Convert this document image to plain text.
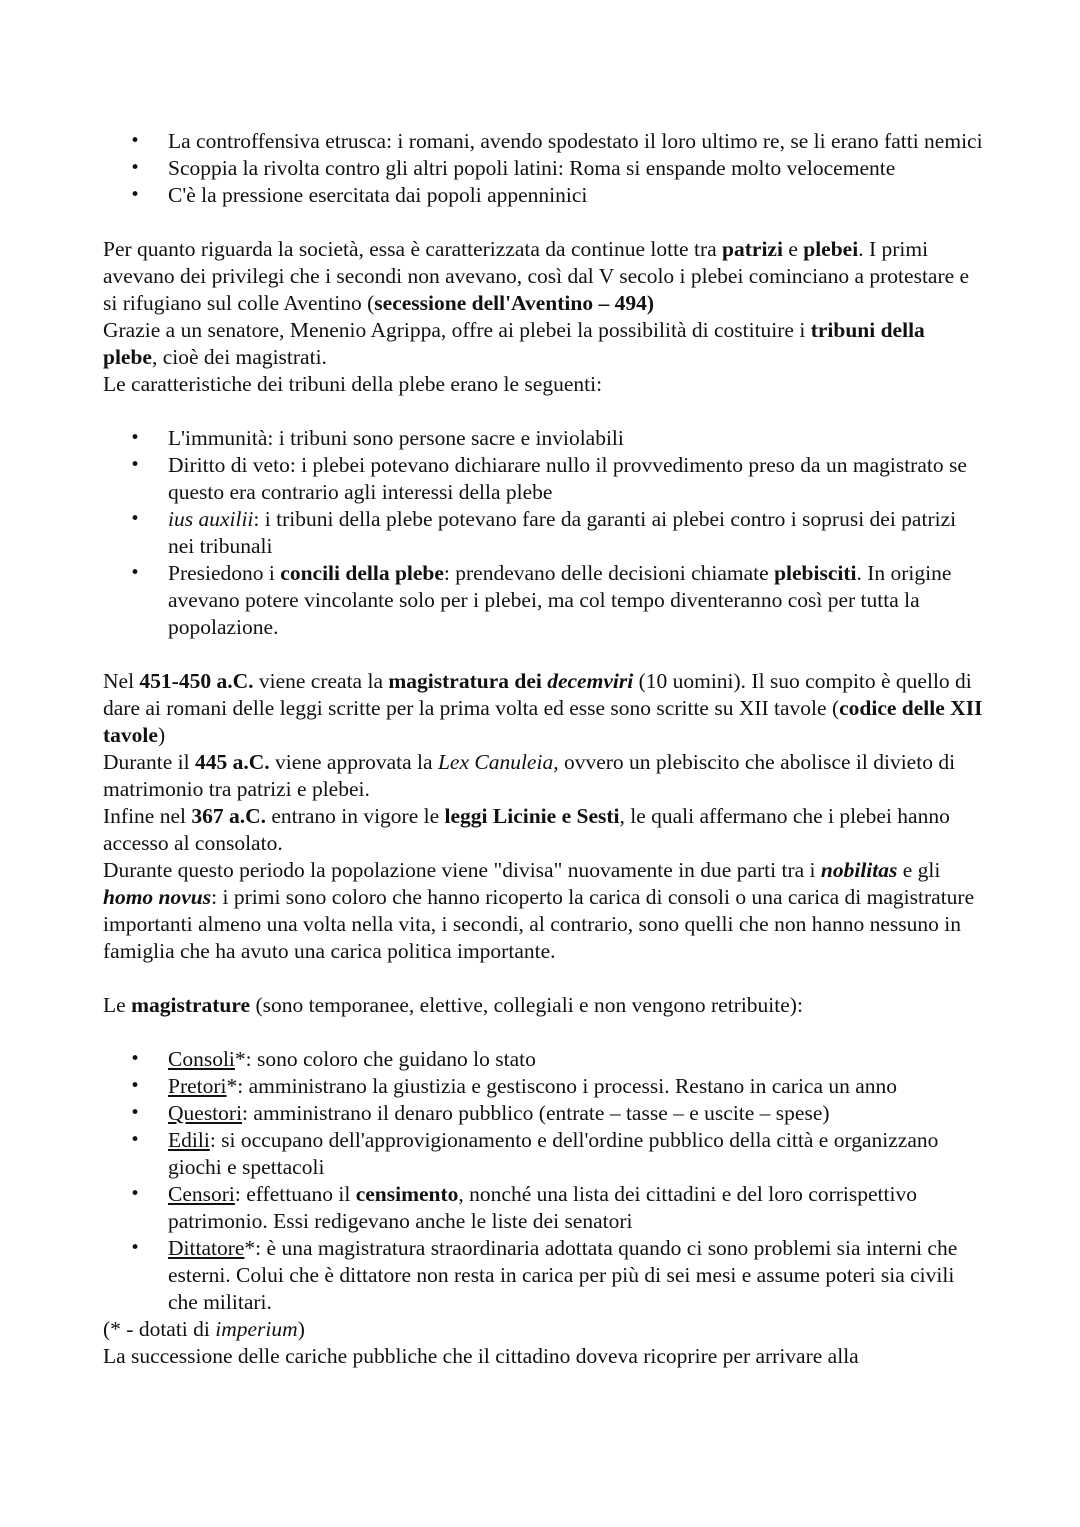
• La controffensiva etrusca: i romani, avendo spodestato il loro ultimo re, se li erano fatti nemici
• Scoppia la rivolta contro gli altri popoli latini: Roma si enspande molto velocemente
• C'è la pressione esercitata dai popoli appenninici

Per quanto riguarda la società, essa è caratterizzata da continue lotte tra patrizi e plebei. I primi avevano dei privilegi che i secondi non avevano, così dal V secolo i plebei cominciano a protestare e si rifugiano sul colle Aventino (secessione dell'Aventino – 494)

Grazie a un senatore, Menenio Agrippa, offre ai plebei la possibilità di costituire i tribuni della plebe, cioè dei magistrati.

Le caratteristiche dei tribuni della plebe erano le seguenti:

• L'immunità: i tribuni sono persone sacre e inviolabili
• Diritto di veto: i plebei potevano dichiarare nullo il provvedimento preso da un magistrato se questo era contrario agli interessi della plebe
• ius auxilii: i tribuni della plebe potevano fare da garanti ai plebei contro i soprusi dei patrizi nei tribunali
• Presiedono i concili della plebe: prendevano delle decisioni chiamate plebisciti. In origine avevano potere vincolante solo per i plebei, ma col tempo diventeranno così per tutta la popolazione.

Nel 451-450 a.C. viene creata la magistratura dei decemviri (10 uomini). Il suo compito è quello di dare ai romani delle leggi scritte per la prima volta ed esse sono scritte su XII tavole (codice delle XII tavole)

Durante il 445 a.C. viene approvata la Lex Canuleia, ovvero un plebiscito che abolisce il divieto di matrimonio tra patrizi e plebei.

Infine nel 367 a.C. entrano in vigore le leggi Licinie e Sesti, le quali affermano che i plebei hanno accesso al consolato.

Durante questo periodo la popolazione viene "divisa" nuovamente in due parti tra i nobilitas e gli homo novus: i primi sono coloro che hanno ricoperto la carica di consoli o una carica di magistrature importanti almeno una volta nella vita, i secondi, al contrario, sono quelli che non hanno nessuno in famiglia che ha avuto una carica politica importante.

Le magistrature (sono temporanee, elettive, collegiali e non vengono retribuite):

• Consoli*: sono coloro che guidano lo stato
• Pretori*: amministrano la giustizia e gestiscono i processi. Restano in carica un anno
• Questori: amministrano il denaro pubblico (entrate – tasse – e uscite – spese)
• Edili: si occupano dell'approvigionamento e dell'ordine pubblico della città e organizzano giochi e spettacoli
• Censori: effettuano il censimento, nonché una lista dei cittadini e del loro corrispettivo patrimonio. Essi redigevano anche le liste dei senatori
• Dittatore*: è una magistratura straordinaria adottata quando ci sono problemi sia interni che esterni. Colui che è dittatore non resta in carica per più di sei mesi e assume poteri sia civili che militari.

(* - dotati di imperium)

La successione delle cariche pubbliche che il cittadino doveva ricoprire per arrivare alla
